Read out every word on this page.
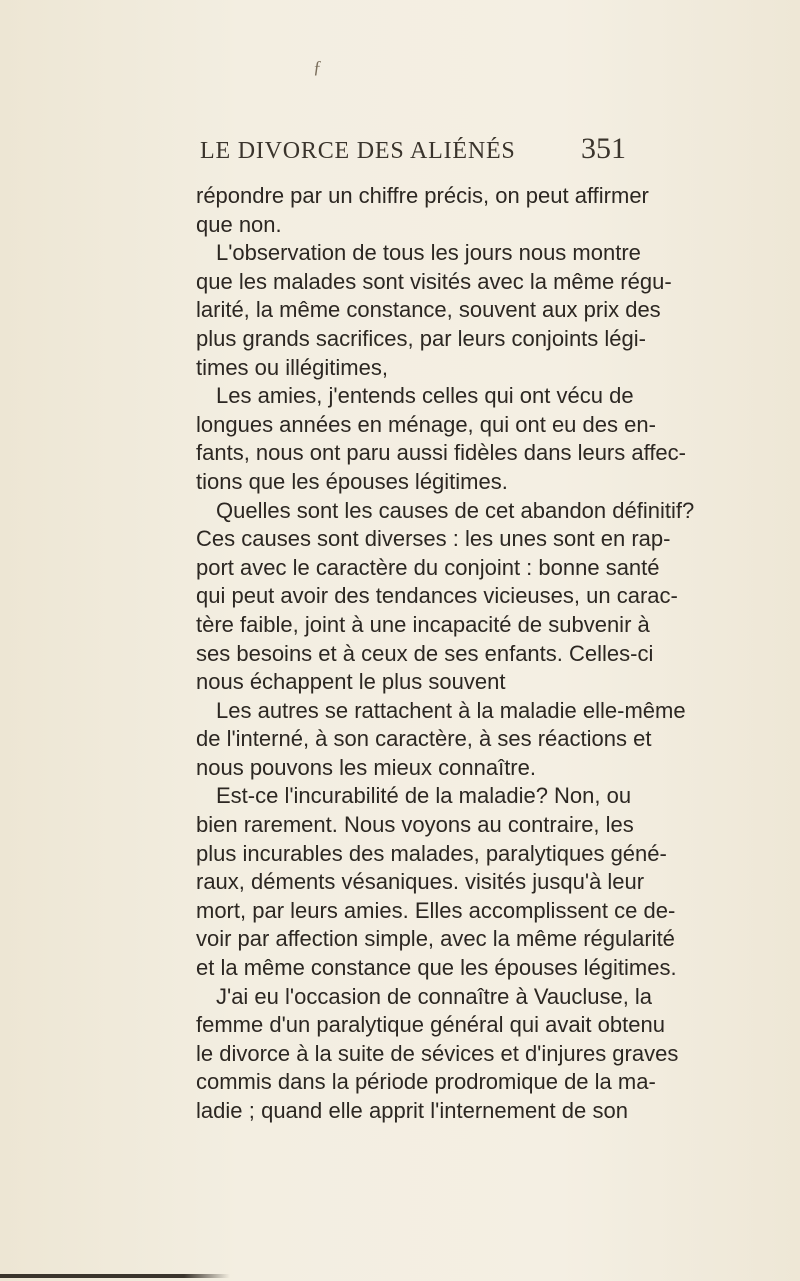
ƒ
LE DIVORCE DES ALIÉNÉS 351
répondre par un chiffre précis, on peut affirmer
que non.
L'observation de tous les jours nous montre
que les malades sont visités avec la même régu-
larité, la même constance, souvent aux prix des
plus grands sacrifices, par leurs conjoints légi-
times ou illégitimes,
Les amies, j'entends celles qui ont vécu de
longues années en ménage, qui ont eu des en-
fants, nous ont paru aussi fidèles dans leurs affec-
tions que les épouses légitimes.
Quelles sont les causes de cet abandon définitif?
Ces causes sont diverses : les unes sont en rap-
port avec le caractère du conjoint : bonne santé
qui peut avoir des tendances vicieuses, un carac-
tère faible, joint à une incapacité de subvenir à
ses besoins et à ceux de ses enfants. Celles-ci
nous échappent le plus souvent
Les autres se rattachent à la maladie elle-même
de l'interné, à son caractère, à ses réactions et
nous pouvons les mieux connaître.
Est-ce l'incurabilité de la maladie? Non, ou
bien rarement. Nous voyons au contraire, les
plus incurables des malades, paralytiques géné-
raux, déments vésaniques. visités jusqu'à leur
mort, par leurs amies. Elles accomplissent ce de-
voir par affection simple, avec la même régularité
et la même constance que les épouses légitimes.
J'ai eu l'occasion de connaître à Vaucluse, la
femme d'un paralytique général qui avait obtenu
le divorce à la suite de sévices et d'injures graves
commis dans la période prodromique de la ma-
ladie ; quand elle apprit l'internement de son
